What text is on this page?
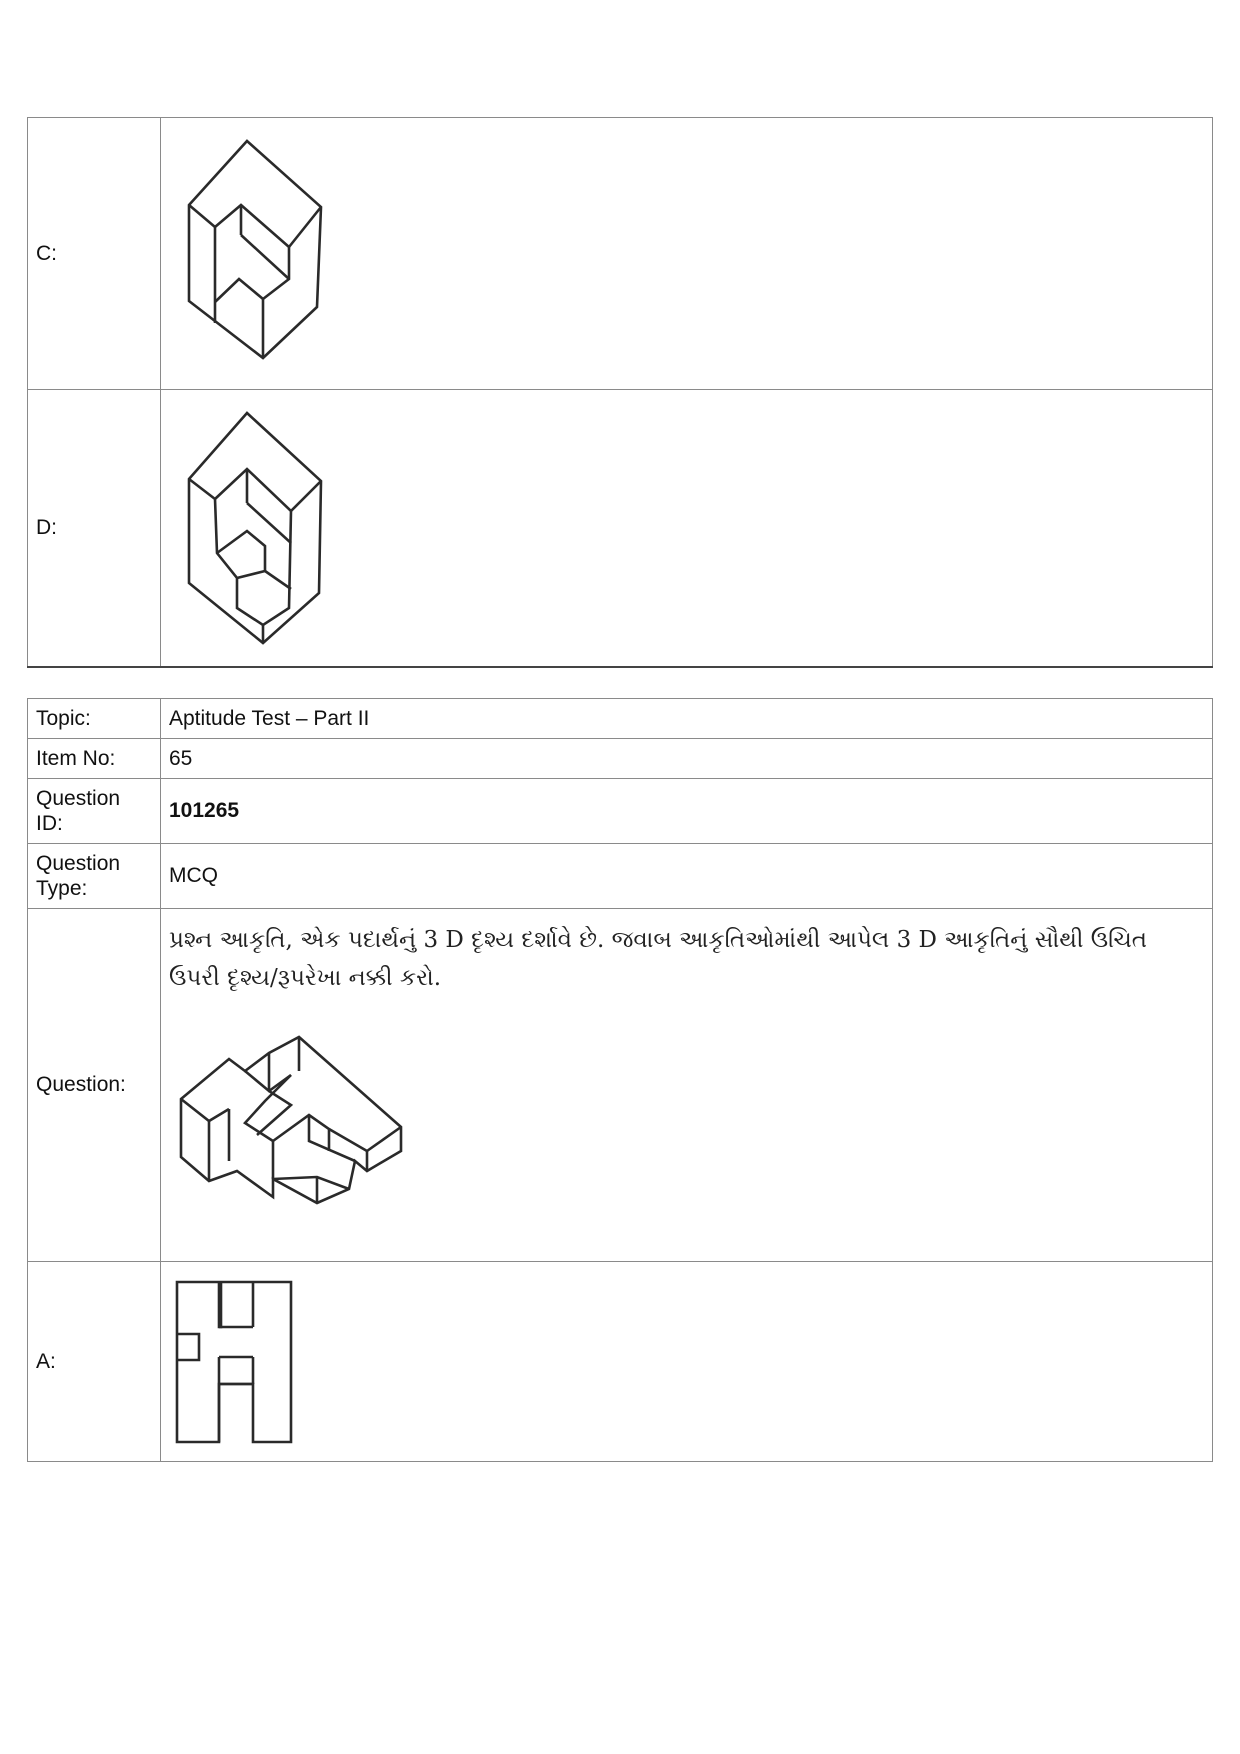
C:	

D:	
Topic:	Aptitude Test – Part II
Item No:	65
Question ID:	101265
Question Type:	MCQ
Question:	પ્રશ્ન આકૃતિ, એક પદાર્થનું 3 D દૃશ્ય દર્શાવે છે. જવાબ આકૃતિઓમાંથી આપેલ 3 D આકૃતિનું સૌથી ઉચિત ઉપરી દૃશ્ય/રૂપરેખા નક્કી કરો.

A:	
